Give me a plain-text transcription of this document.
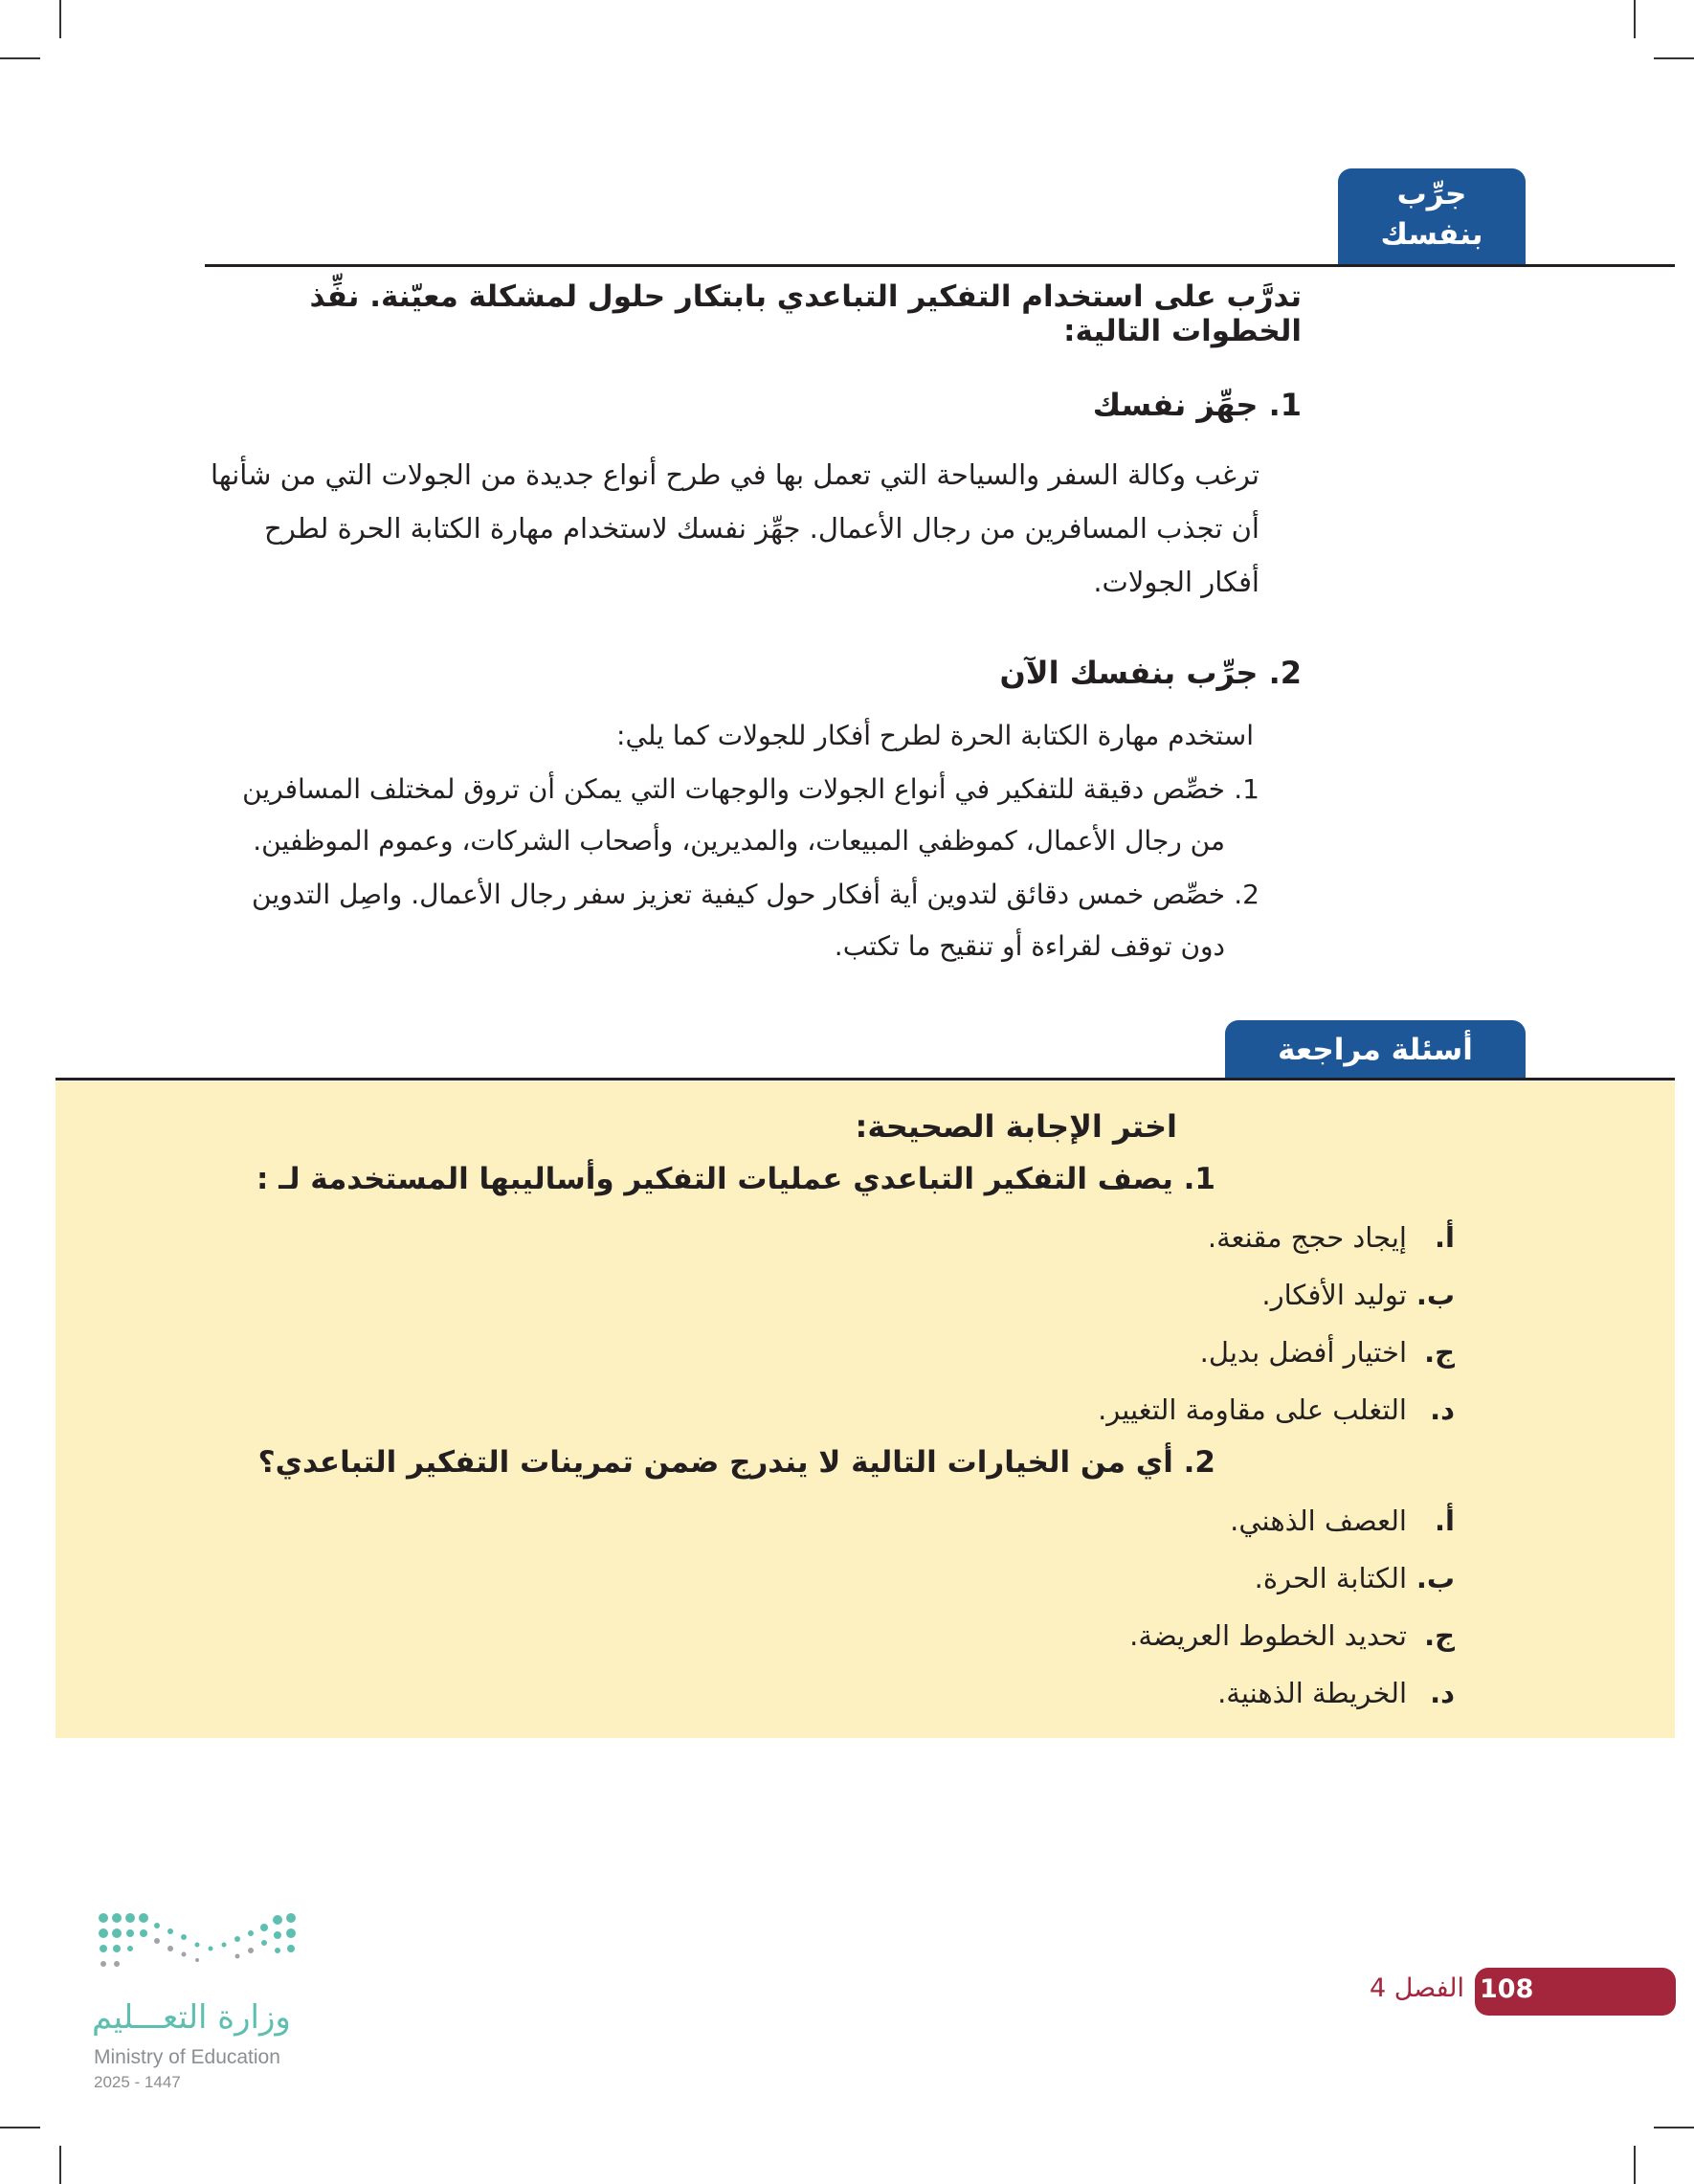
جرِّب
بنفسك
تدرَّب على استخدام التفكير التباعدي بابتكار حلول لمشكلة معيّنة. نفِّذ الخطوات التالية:
1. جهِّز نفسك
ترغب وكالة السفر والسياحة التي تعمل بها في طرح أنواع جديدة من الجولات التي من شأنها
أن تجذب المسافرين من رجال الأعمال. جهِّز نفسك لاستخدام مهارة الكتابة الحرة لطرح
أفكار الجولات.
2. جرِّب بنفسك الآن
استخدم مهارة الكتابة الحرة لطرح أفكار للجولات كما يلي:
1.خصِّص دقيقة للتفكير في أنواع الجولات والوجهات التي يمكن أن تروق لمختلف المسافرين
من رجال الأعمال، كموظفي المبيعات، والمديرين، وأصحاب الشركات، وعموم الموظفين.
2.خصِّص خمس دقائق لتدوين أية أفكار حول كيفية تعزيز سفر رجال الأعمال. واصِل التدوين
دون توقف لقراءة أو تنقيح ما تكتب.
أسئلة مراجعة
اختر الإجابة الصحيحة:
1. يصف التفكير التباعدي عمليات التفكير وأساليبها المستخدمة لـ :
أ.إيجاد حجج مقنعة.
ب.توليد الأفكار.
ج.اختيار أفضل بديل.
د.التغلب على مقاومة التغيير.
2. أي من الخيارات التالية لا يندرج ضمن تمرينات التفكير التباعدي؟
أ.العصف الذهني.
ب.الكتابة الحرة.
ج.تحديد الخطوط العريضة.
د.الخريطة الذهنية.
108
الفصل 4
وزارة التعـــليم
Ministry of Education
2025 - 1447
